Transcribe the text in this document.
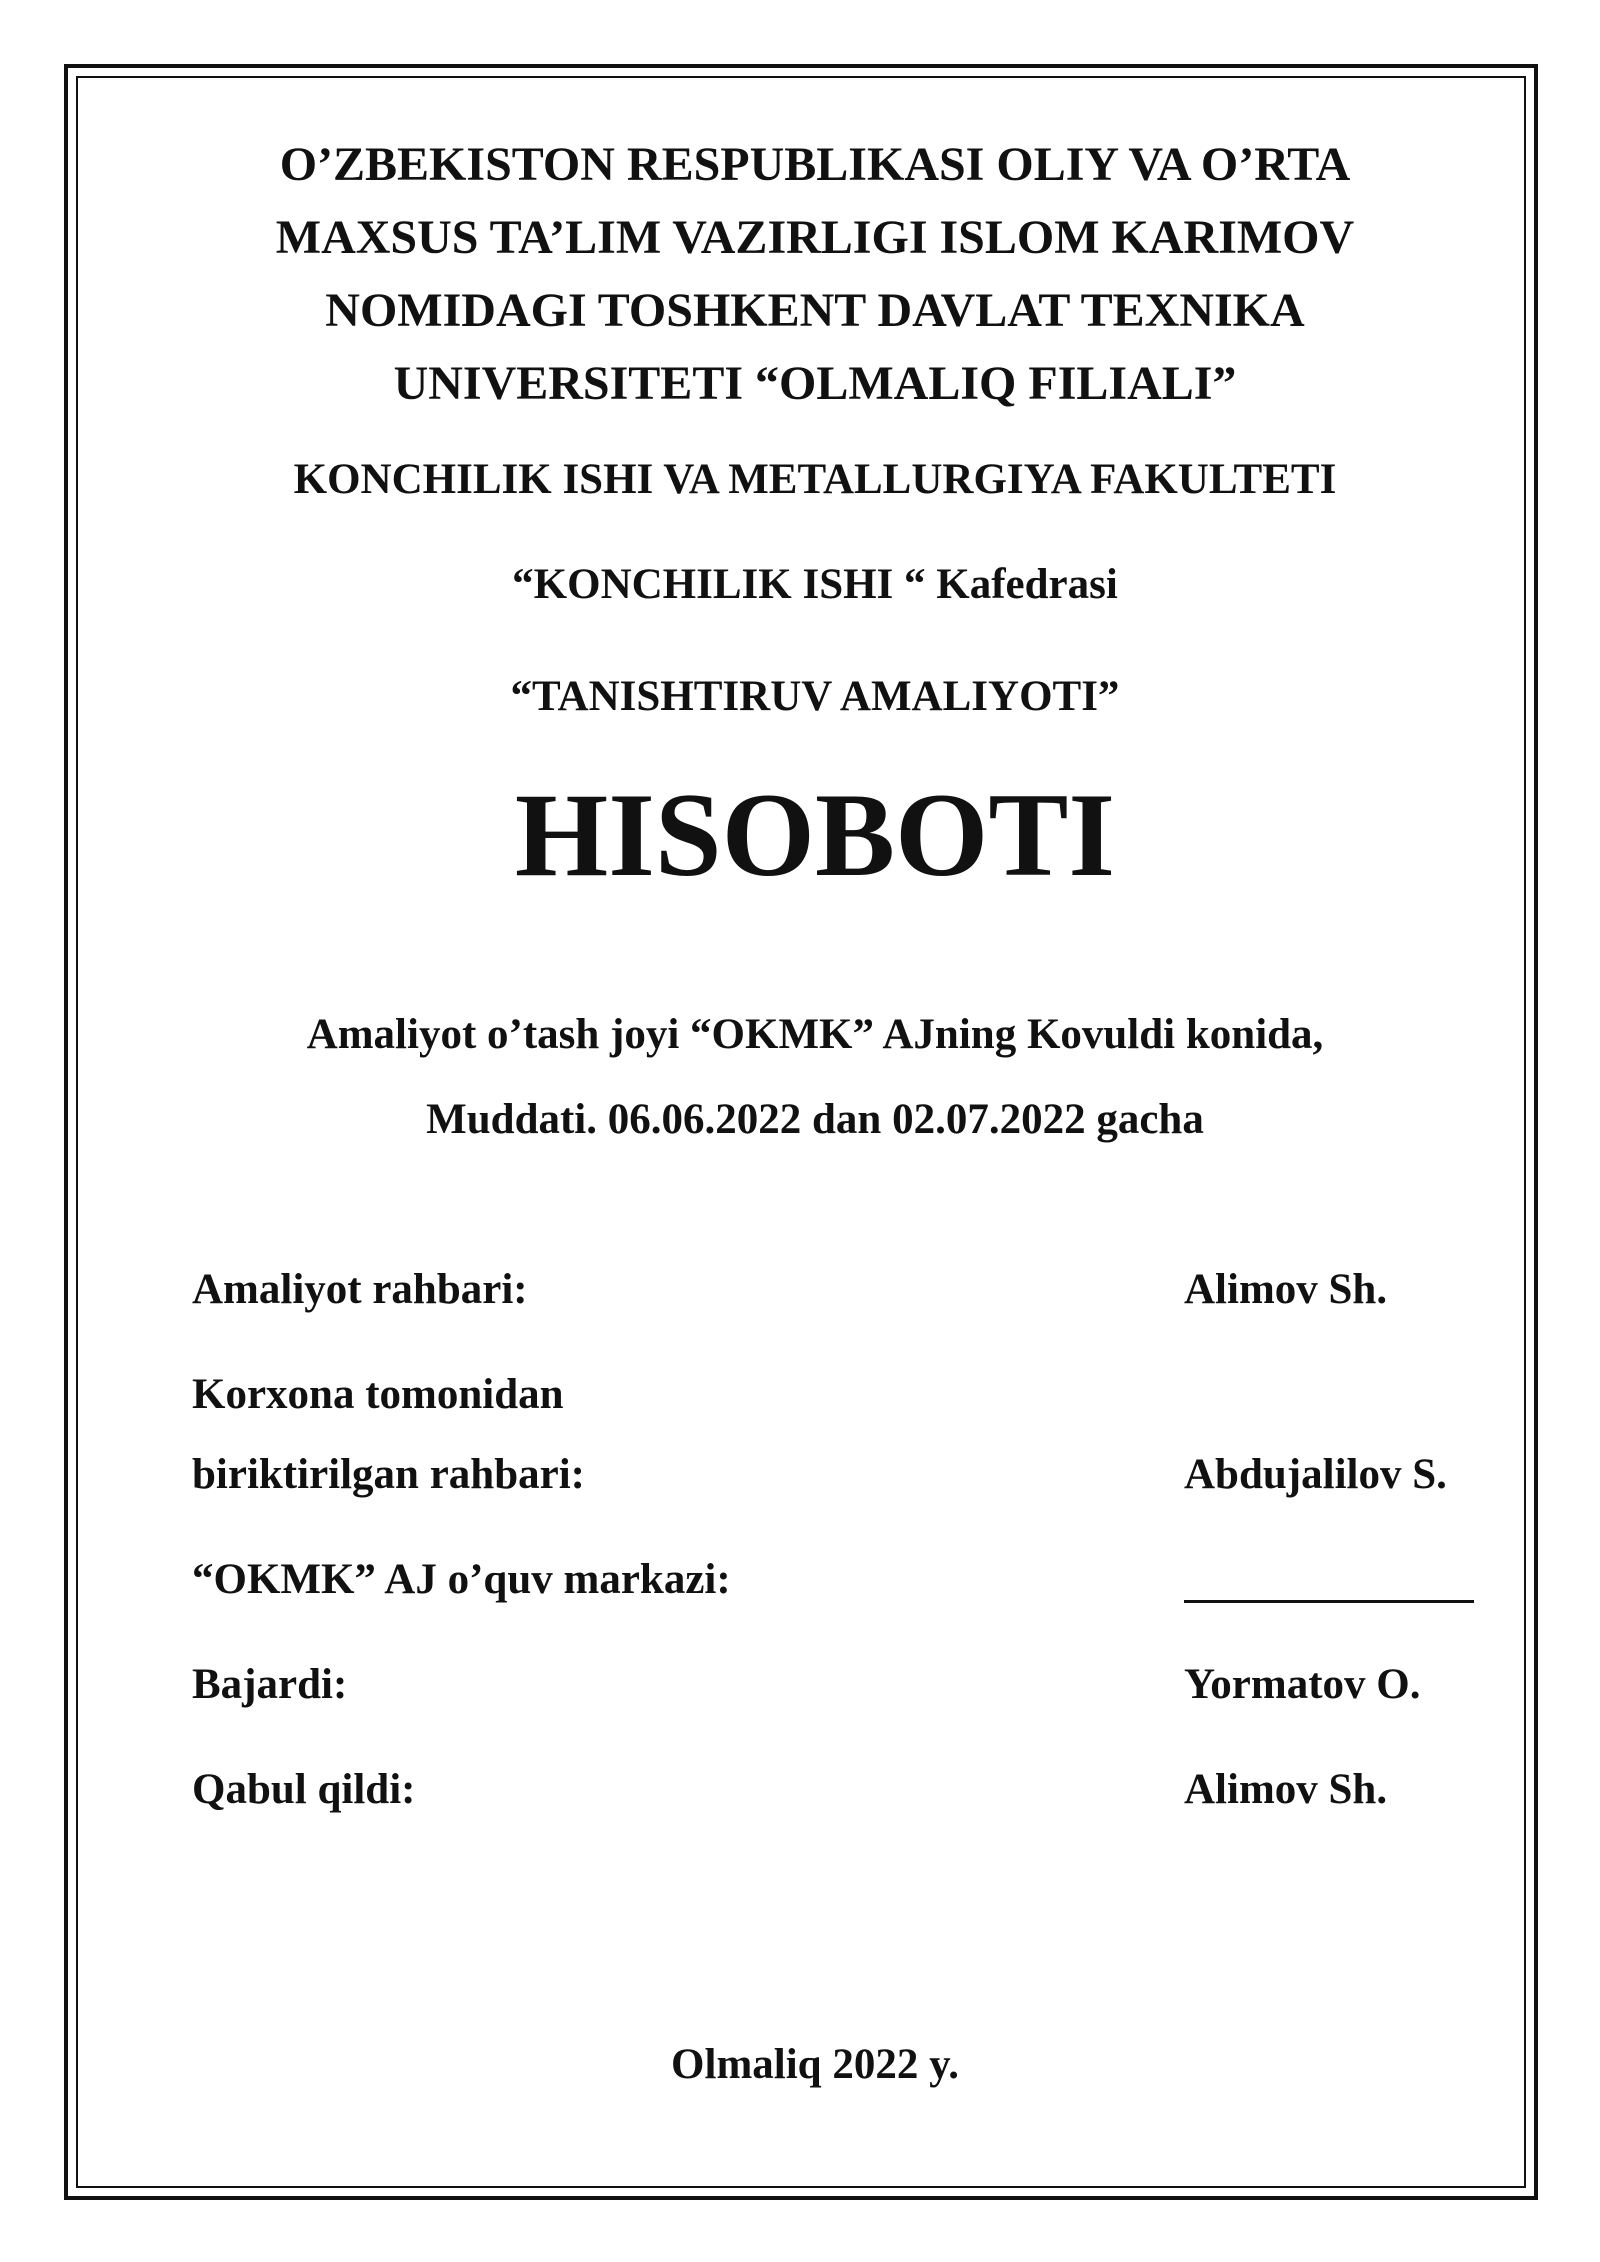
O’ZBEKISTON RESPUBLIKASI OLIY VA O’RTA
MAXSUS TA’LIM VAZIRLIGI ISLOM KARIMOV
NOMIDAGI TOSHKENT DAVLAT TEXNIKA
UNIVERSITETI “OLMALIQ FILIALI”
KONCHILIK ISHI VA METALLURGIYA FAKULTETI
“KONCHILIK ISHI “ Kafedrasi
“TANISHTIRUV AMALIYOTI”
HISOBOTI
Amaliyot o’tash joyi “OKMK” AJning Kovuldi konida,
Muddati. 06.06.2022 dan 02.07.2022 gacha
Amaliyot rahbari:	Alimov Sh.
Korxona tomonidan
biriktirilgan rahbari:	Abdujalilov S.
“OKMK” AJ o’quv markazi:
Bajardi:	Yormatov O.
Qabul qildi:	Alimov Sh.
Olmaliq 2022 y.
